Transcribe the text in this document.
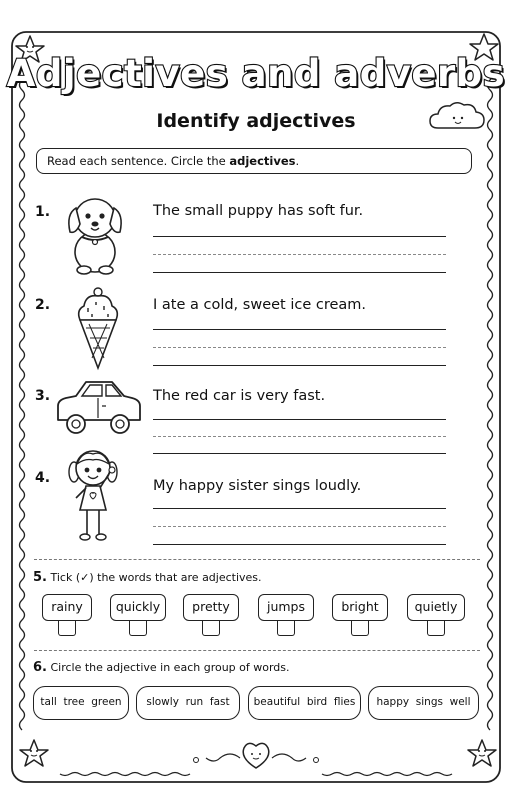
Adjectives and adverbs
Identify adjectives
Read each sentence. Circle the adjectives.
1.	The small puppy has soft fur.
2.	I ate a cold, sweet ice cream.
3.	The red car is very fast.
4.	My happy sister sings loudly.
5. Tick (✓) the words that are adjectives.
rainy	quickly	pretty	jumps	bright	quietly
6. Circle the adjective in each group of words.
tall  tree  green	slowly  run  fast	beautiful  bird  flies	happy  sings  well
